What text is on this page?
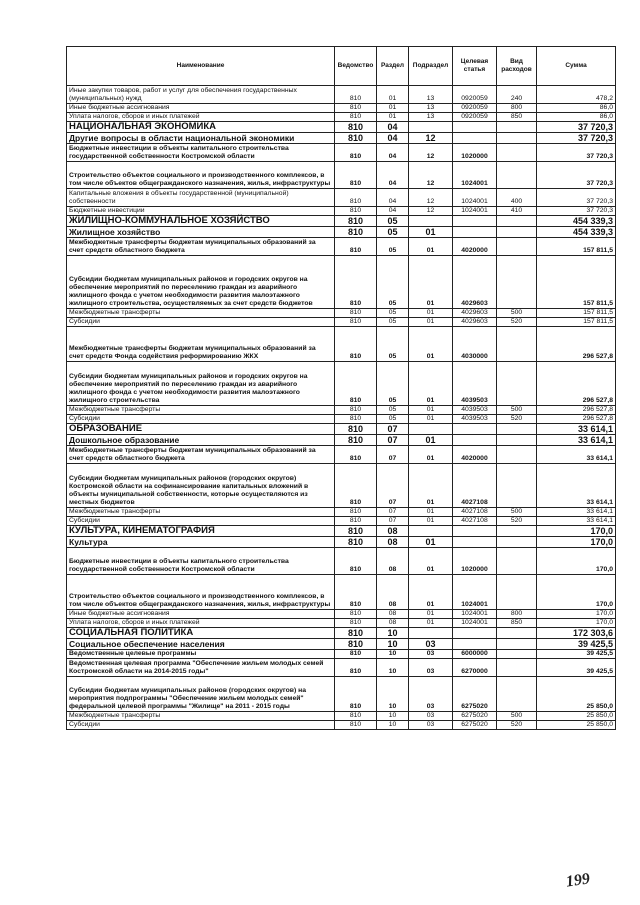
Наименование	Ведомство	Раздел	Подраздел	Целевая статья	Вид расходов	Сумма
Иные закупки товаров, работ и услуг для обеспечения государственных (муниципальных) нужд	810	01	13	0920059	240	478,2
Иные бюджетные ассигнования	810	01	13	0920059	800	86,0
Уплата налогов, сборов и иных платежей	810	01	13	0920059	850	86,0
НАЦИОНАЛЬНАЯ ЭКОНОМИКА	810	04				37 720,3
Другие вопросы в области национальной экономики	810	04	12			37 720,3
Бюджетные инвестиции в объекты капитального строительства государственной собственности Костромской области	810	04	12	1020000		37 720,3
Строительство объектов социального и производственного комплексов, в том числе объектов общегражданского назначения, жилья, инфраструктуры	810	04	12	1024001		37 720,3
Капитальные вложения в объекты государственной (муниципальной) собственности	810	04	12	1024001	400	37 720,3
Бюджетные инвестиции	810	04	12	1024001	410	37 720,3
ЖИЛИЩНО-КОММУНАЛЬНОЕ ХОЗЯЙСТВО	810	05				454 339,3
Жилищное хозяйство	810	05	01			454 339,3
Межбюджетные трансферты бюджетам муниципальных образований за счет средств областного бюджета	810	05	01	4020000		157 811,5
Субсидии бюджетам муниципальных районов и городских округов на обеспечение мероприятий по переселению граждан из аварийного жилищного фонда с учетом необходимости развития малоэтажного жилищного строительства, осуществляемых за счет средств бюджетов	810	05	01	4029603		157 811,5
Межбюджетные трансферты	810	05	01	4029603	500	157 811,5
Субсидии	810	05	01	4029603	520	157 811,5
Межбюджетные трансферты бюджетам муниципальных образований за счет средств Фонда содействия реформированию ЖКХ	810	05	01	4030000		296 527,8
Субсидии бюджетам муниципальных районов и городских округов на обеспечение мероприятий по переселению граждан из аварийного жилищного фонда с учетом необходимости развития малоэтажного жилищного строительства	810	05	01	4039503		296 527,8
Межбюджетные трансферты	810	05	01	4039503	500	296 527,8
Субсидии	810	05	01	4039503	520	296 527,8
ОБРАЗОВАНИЕ	810	07				33 614,1
Дошкольное образование	810	07	01			33 614,1
Межбюджетные трансферты бюджетам муниципальных образований за счет средств областного бюджета	810	07	01	4020000		33 614,1
Субсидии бюджетам муниципальных районов (городских округов) Костромской области на софинансирование капитальных вложений в объекты муниципальной собственности, которые осуществляются из местных бюджетов	810	07	01	4027108		33 614,1
Межбюджетные трансферты	810	07	01	4027108	500	33 614,1
Субсидии	810	07	01	4027108	520	33 614,1
КУЛЬТУРА, КИНЕМАТОГРАФИЯ	810	08				170,0
Культура	810	08	01			170,0
Бюджетные инвестиции в объекты капитального строительства государственной собственности Костромской области	810	08	01	1020000		170,0
Строительство объектов социального и производственного комплексов, в том числе объектов общегражданского назначения, жилья, инфраструктуры	810	08	01	1024001		170,0
Иные бюджетные ассигнования	810	08	01	1024001	800	170,0
Уплата налогов, сборов и иных платежей	810	08	01	1024001	850	170,0
СОЦИАЛЬНАЯ ПОЛИТИКА	810	10				172 303,6
Социальное обеспечение населения	810	10	03			39 425,5
Ведомственные целевые программы	810	10	03	6000000		39 425,5
Ведомственная целевая программа "Обеспечение жильем молодых семей Костромской области на 2014-2015 годы"	810	10	03	6270000		39 425,5
Субсидии бюджетам муниципальных районов (городских округов) на мероприятия подпрограммы "Обеспечение жильем молодых семей" федеральной целевой программы "Жилище" на 2011 - 2015 годы	810	10	03	6275020		25 850,0
Межбюджетные трансферты	810	10	03	6275020	500	25 850,0
Субсидии	810	10	03	6275020	520	25 850,0
199
